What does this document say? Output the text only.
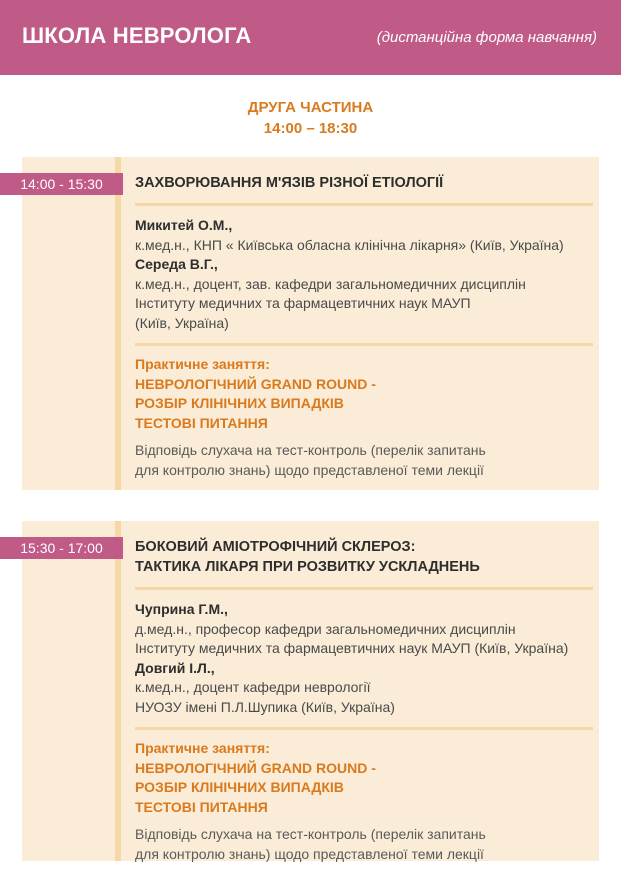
ШКОЛА НЕВРОЛОГА	(дистанційна форма навчання)
ДРУГА ЧАСТИНА
14:00 – 18:30
ЗАХВОРЮВАННЯ М'ЯЗІВ РІЗНОЇ ЕТІОЛОГІЇ
Микитей О.М.,
к.мед.н., КНП « Київська обласна клінічна лікарня» (Київ, Україна)
Середа В.Г.,
к.мед.н., доцент, зав. кафедри загальномедичних дисциплін
Інституту медичних та фармацевтичних наук МАУП
(Київ, Україна)
Практичне заняття:
НЕВРОЛОГІЧНИЙ GRAND ROUND -
РОЗБІР КЛІНІЧНИХ ВИПАДКІВ
ТЕСТОВІ ПИТАННЯ
Відповідь слухача на тест-контроль (перелік запитань
для контролю знань) щодо представленої теми лекції
14:00 - 15:30
БОКОВИЙ АМІОТРОФІЧНИЙ СКЛЕРОЗ:
ТАКТИКА ЛІКАРЯ ПРИ РОЗВИТКУ УСКЛАДНЕНЬ
Чуприна Г.М.,
д.мед.н., професор кафедри загальномедичних дисциплін
Інституту медичних та фармацевтичних наук МАУП (Київ, Україна)
Довгий І.Л.,
к.мед.н., доцент кафедри неврології
НУОЗУ імені П.Л.Шупика (Київ, Україна)
Практичне заняття:
НЕВРОЛОГІЧНИЙ GRAND ROUND -
РОЗБІР КЛІНІЧНИХ ВИПАДКІВ
ТЕСТОВІ ПИТАННЯ
Відповідь слухача на тест-контроль (перелік запитань
для контролю знань) щодо представленої теми лекції
15:30 - 17:00
